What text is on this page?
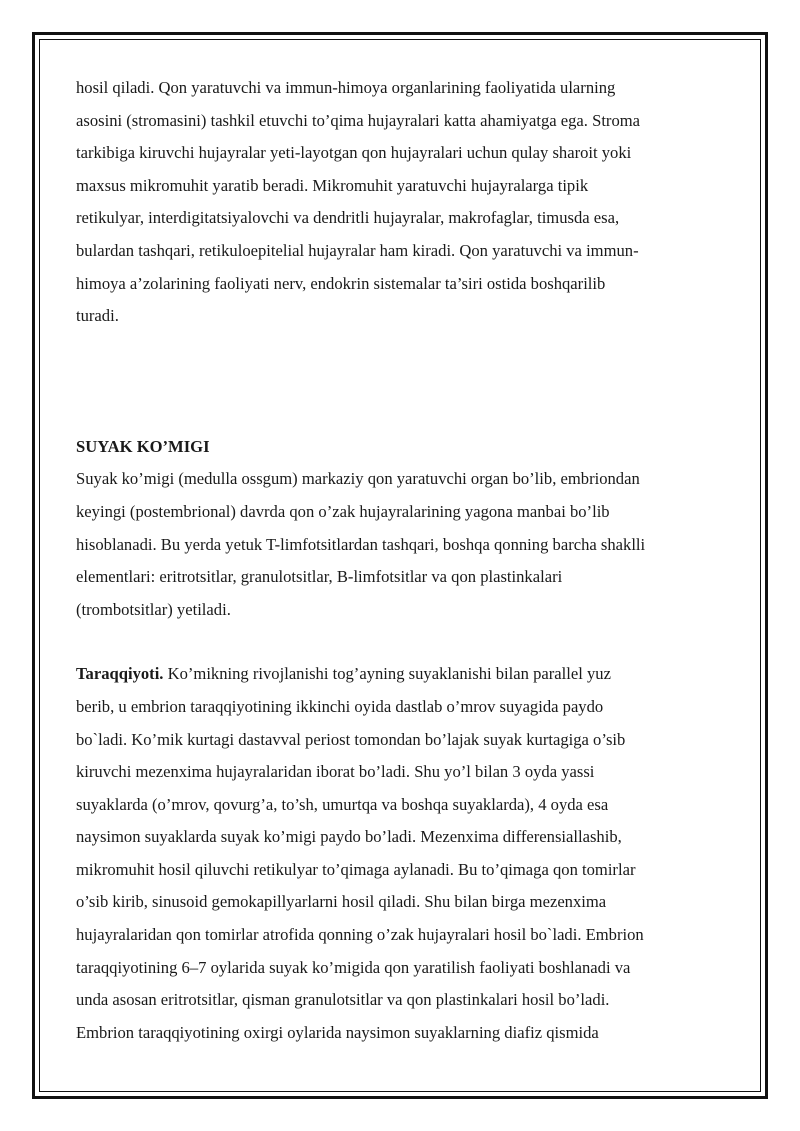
hosil qiladi. Qon yaratuvchi va immun-himoya organlarining faoliyatida ularning
asosini (stromasini) tashkil etuvchi to’qima hujayralari katta ahamiyatga ega. Stroma
tarkibiga kiruvchi hujayralar yeti-layotgan qon hujayralari uchun qulay sharoit yoki
maxsus mikromuhit yaratib beradi. Mikromuhit yaratuvchi hujayralarga tipik
retikulyar, interdigitatsiyalovchi va dendritli hujayralar, makrofaglar, timusda esa,
bulardan tashqari, retikuloepitelial hujayralar ham kiradi. Qon yaratuvchi va immun-
himoya a’zolarining faoliyati nerv, endokrin sistemalar ta’siri ostida boshqarilib
turadi.

SUYAK KO’MIGI

Suyak ko’migi (medulla ossgum) markaziy qon yaratuvchi organ bo’lib, embriondan
keyingi (postembrional) davrda qon o’zak hujayralarining yagona manbai bo’lib
hisoblanadi. Bu yerda yetuk T-limfotsitlardan tashqari, boshqa qonning barcha shaklli
elementlari: eritrotsitlar, granulotsitlar, B-limfotsitlar va qon plastinkalari
(trombotsitlar) yetiladi.

Taraqqiyoti. Ko’mikning rivojlanishi tog’ayning suyaklanishi bilan parallel yuz
berib, u embrion taraqqiyotining ikkinchi oyida dastlab o’mrov suyagida paydo
bo`ladi. Ko’mik kurtagi dastavval periost tomondan bo’lajak suyak kurtagiga o’sib
kiruvchi mezenxima hujayralaridan iborat bo’ladi. Shu yo’l bilan 3 oyda yassi
suyaklarda (o’mrov, qovurg’a, to’sh, umurtqa va boshqa suyaklarda), 4 oyda esa
naysimon suyaklarda suyak ko’migi paydo bo’ladi. Mezenxima differensiallashib,
mikromuhit hosil qiluvchi retikulyar to’qimaga aylanadi. Bu to’qimaga qon tomirlar
o’sib kirib, sinusoid gemokapillyarlarni hosil qiladi. Shu bilan birga mezenxima
hujayralaridan qon tomirlar atrofida qonning o’zak hujayralari hosil bo`ladi. Embrion
taraqqiyotining 6–7 oylarida suyak ko’migida qon yaratilish faoliyati boshlanadi va
unda asosan eritrotsitlar, qisman granulotsitlar va qon plastinkalari hosil bo’ladi.
Embrion taraqqiyotining oxirgi oylarida naysimon suyaklarning diafiz qismida
